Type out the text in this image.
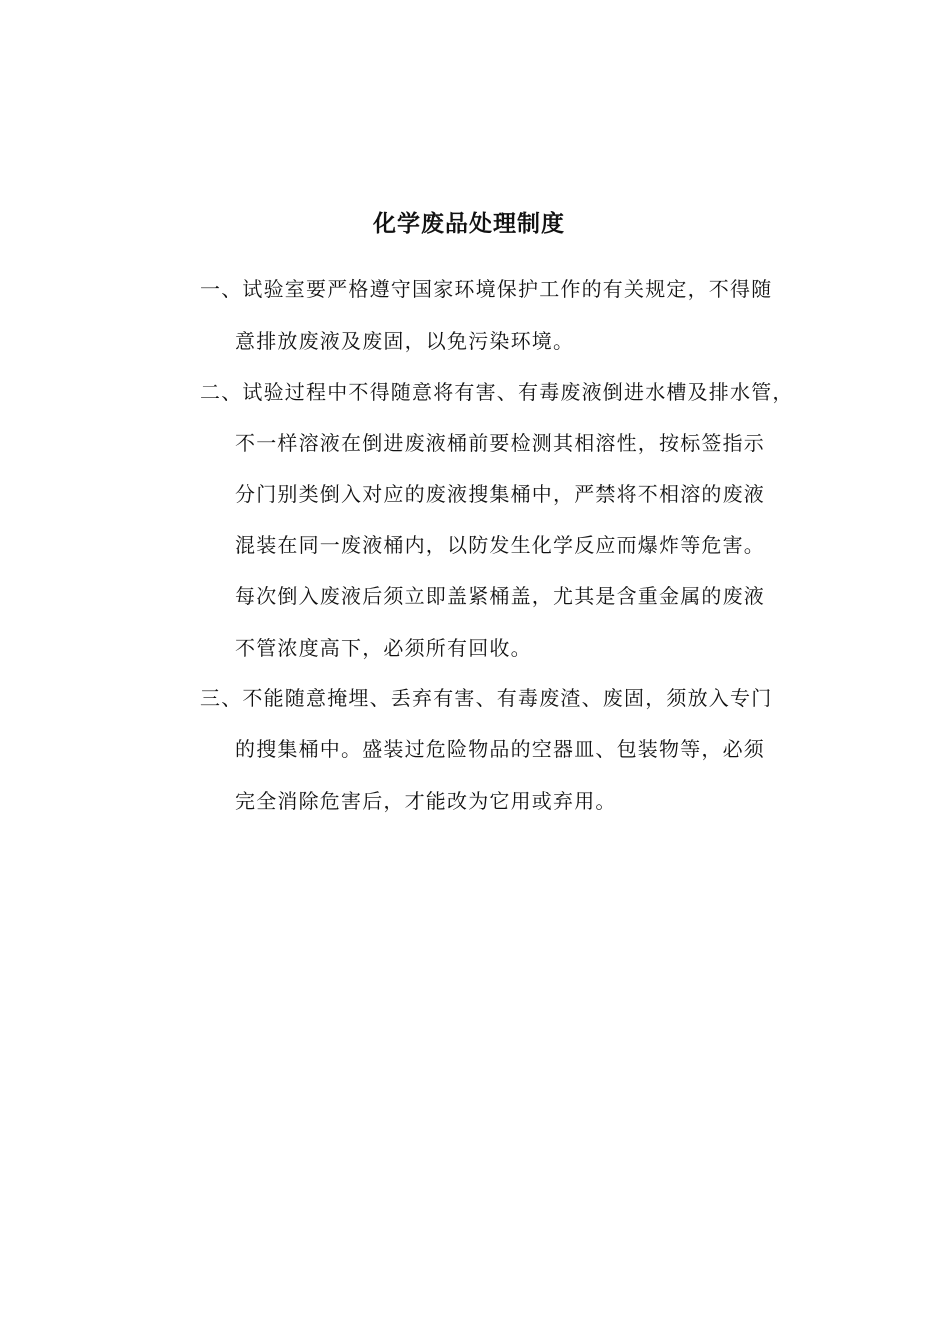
化学废品处理制度

一、试验室要严格遵守国家环境保护工作的有关规定，不得随

意排放废液及废固，以免污染环境。

二、试验过程中不得随意将有害、有毒废液倒进水槽及排水管，

不一样溶液在倒进废液桶前要检测其相溶性，按标签指示

分门别类倒入对应的废液搜集桶中，严禁将不相溶的废液

混装在同一废液桶内，以防发生化学反应而爆炸等危害。

每次倒入废液后须立即盖紧桶盖，尤其是含重金属的废液

不管浓度高下，必须所有回收。

三、不能随意掩埋、丢弃有害、有毒废渣、废固，须放入专门

的搜集桶中。盛装过危险物品的空器皿、包装物等，必须

完全消除危害后，才能改为它用或弃用。
